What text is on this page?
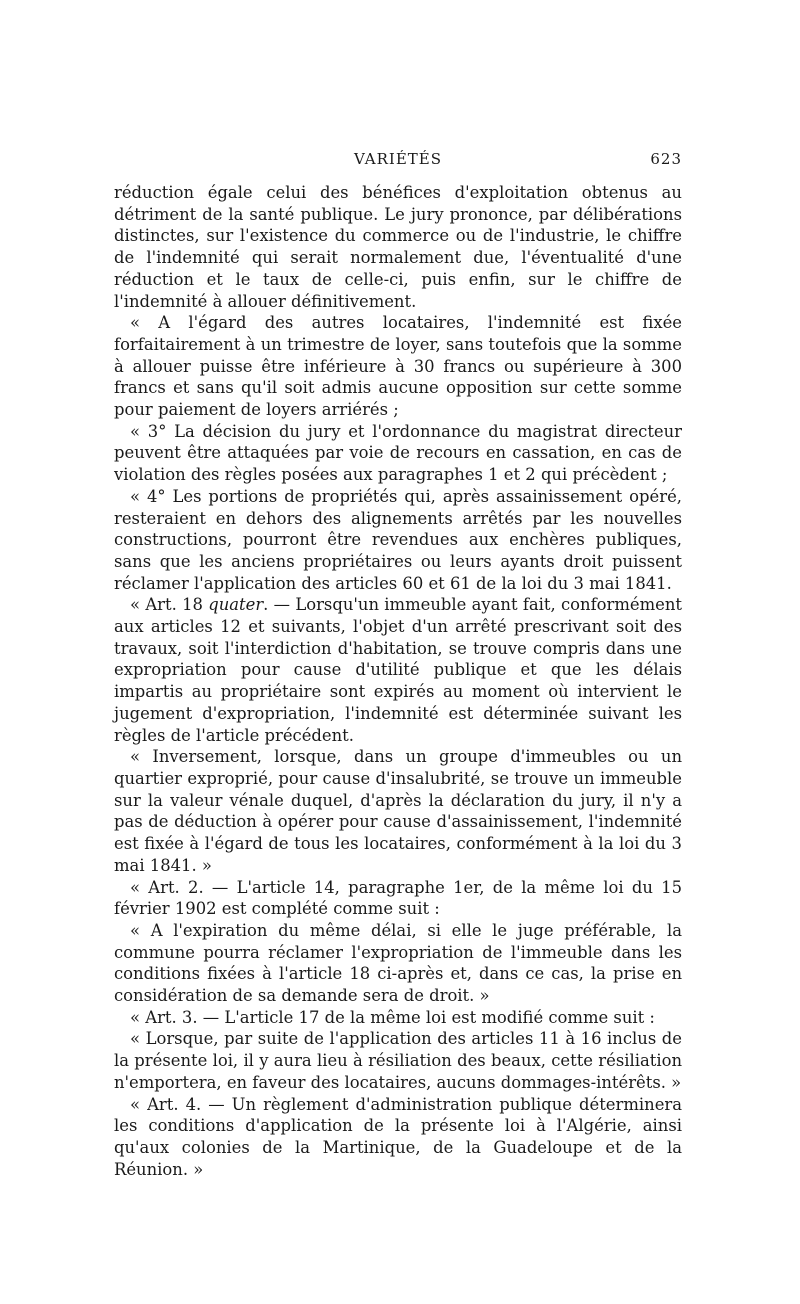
VARIÉTÉS	623

réduction égale celui des bénéfices d'exploitation obtenus au détriment de la santé publique. Le jury prononce, par délibérations distinctes, sur l'existence du commerce ou de l'industrie, le chiffre de l'indemnité qui serait normalement due, l'éventualité d'une réduction et le taux de celle-ci, puis enfin, sur le chiffre de l'indemnité à allouer définitivement.

« A l'égard des autres locataires, l'indemnité est fixée forfaitairement à un trimestre de loyer, sans toutefois que la somme à allouer puisse être inférieure à 30 francs ou supérieure à 300 francs et sans qu'il soit admis aucune opposition sur cette somme pour paiement de loyers arriérés ;

« 3° La décision du jury et l'ordonnance du magistrat directeur peuvent être attaquées par voie de recours en cassation, en cas de violation des règles posées aux paragraphes 1 et 2 qui précèdent ;

« 4° Les portions de propriétés qui, après assainissement opéré, resteraient en dehors des alignements arrêtés par les nouvelles constructions, pourront être revendues aux enchères publiques, sans que les anciens propriétaires ou leurs ayants droit puissent réclamer l'application des articles 60 et 61 de la loi du 3 mai 1841.

« Art. 18 quater. — Lorsqu'un immeuble ayant fait, conformément aux articles 12 et suivants, l'objet d'un arrêté prescrivant soit des travaux, soit l'interdiction d'habitation, se trouve compris dans une expropriation pour cause d'utilité publique et que les délais impartis au propriétaire sont expirés au moment où intervient le jugement d'expropriation, l'indemnité est déterminée suivant les règles de l'article précédent.

« Inversement, lorsque, dans un groupe d'immeubles ou un quartier exproprié, pour cause d'insalubrité, se trouve un immeuble sur la valeur vénale duquel, d'après la déclaration du jury, il n'y a pas de déduction à opérer pour cause d'assainissement, l'indemnité est fixée à l'égard de tous les locataires, conformément à la loi du 3 mai 1841. »

« Art. 2. — L'article 14, paragraphe 1er, de la même loi du 15 février 1902 est complété comme suit :

« A l'expiration du même délai, si elle le juge préférable, la commune pourra réclamer l'expropriation de l'immeuble dans les conditions fixées à l'article 18 ci-après et, dans ce cas, la prise en considération de sa demande sera de droit. »

« Art. 3. — L'article 17 de la même loi est modifié comme suit :

« Lorsque, par suite de l'application des articles 11 à 16 inclus de la présente loi, il y aura lieu à résiliation des beaux, cette résiliation n'emportera, en faveur des locataires, aucuns dommages-intérêts. »

« Art. 4. — Un règlement d'administration publique déterminera les conditions d'application de la présente loi à l'Algérie, ainsi qu'aux colonies de la Martinique, de la Guadeloupe et de la Réunion. »
